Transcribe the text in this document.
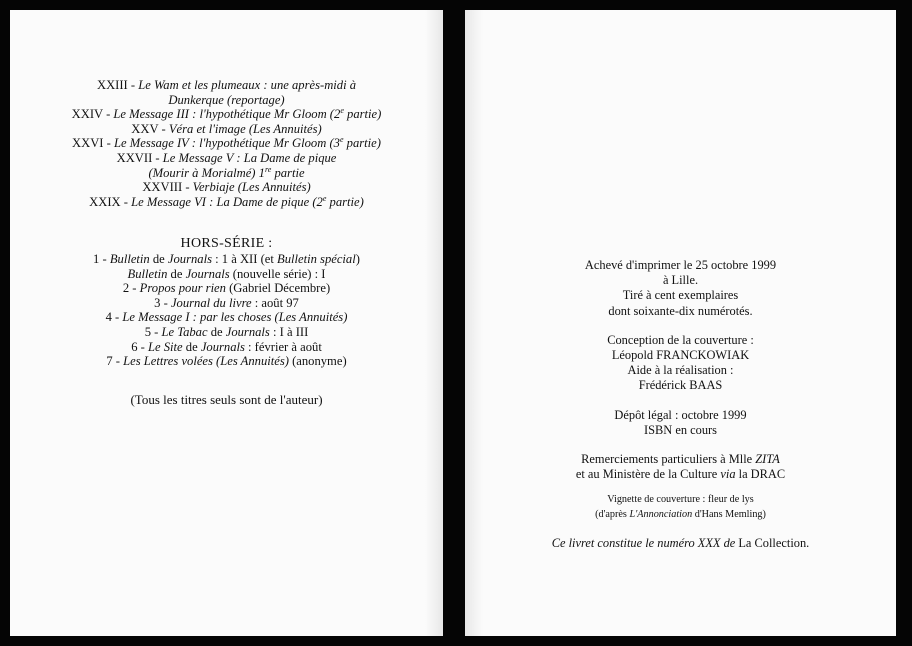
XXIII - Le Wam et les plumeaux : une après-midi à
Dunkerque (reportage)
XXIV - Le Message III : l'hypothétique Mr Gloom (2e partie)
XXV - Véra et l'image (Les Annuités)
XXVI - Le Message IV : l'hypothétique Mr Gloom (3e partie)
XXVII - Le Message V : La Dame de pique
(Mourir à Morialmé) 1re partie
XXVIII - Verbiaje (Les Annuités)
XXIX - Le Message VI : La Dame de pique (2e partie)
HORS-SÉRIE :
1 - Bulletin de Journals : 1 à XII (et Bulletin spécial)
Bulletin de Journals (nouvelle série) : I
2 - Propos pour rien (Gabriel Décembre)
3 - Journal du livre : août 97
4 - Le Message I : par les choses (Les Annuités)
5 - Le Tabac de Journals : I à III
6 - Le Site de Journals : février à août
7 - Les Lettres volées (Les Annuités) (anonyme)
(Tous les titres seuls sont de l'auteur)
Achevé d'imprimer le 25 octobre 1999
à Lille.
Tiré à cent exemplaires
dont soixante-dix numérotés.
Conception de la couverture :
Léopold FRANCKOWIAK
Aide à la réalisation :
Frédérick BAAS
Dépôt légal : octobre 1999
ISBN en cours
Remerciements particuliers à Mlle ZITA
et au Ministère de la Culture via la DRAC
Vignette de couverture : fleur de lys
(d'après L'Annonciation d'Hans Memling)
Ce livret constitue le numéro XXX de La Collection.
